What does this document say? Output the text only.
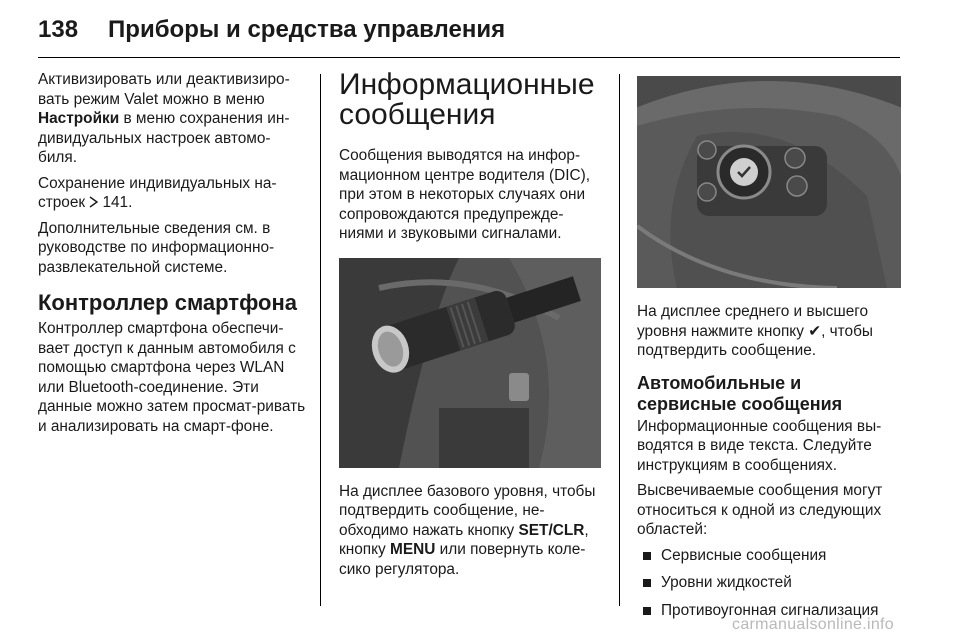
138 Приборы и средства управления

Активизировать или деактивизиро-вать режим Valet можно в меню Настройки в меню сохранения ин-дивидуальных настроек автомо-биля.

Сохранение индивидуальных на-строек 141.

Дополнительные сведения см. в руководстве по информационно-развлекательной системе.

Контроллер смартфона

Контроллер смартфона обеспечи-вает доступ к данным автомобиля с помощью смартфона через WLAN или Bluetooth-соединение. Эти данные можно затем просмат-ривать и анализировать на смарт-фоне.

Информационные сообщения

Сообщения выводятся на инфор-мационном центре водителя (DIC), при этом в некоторых случаях они сопровождаются предупрежде-ниями и звуковыми сигналами.

На дисплее базового уровня, чтобы подтвердить сообщение, не-обходимо нажать кнопку SET/CLR, кнопку MENU или повернуть коле-сико регулятора.

На дисплее среднего и высшего уровня нажмите кнопку ✔, чтобы подтвердить сообщение.

Автомобильные и сервисные сообщения

Информационные сообщения вы-водятся в виде текста. Следуйте инструкциям в сообщениях.

Высвечиваемые сообщения могут относиться к одной из следующих областей:

Сервисные сообщения
Уровни жидкостей
Противоугонная сигнализация
carmanualsonline.info
